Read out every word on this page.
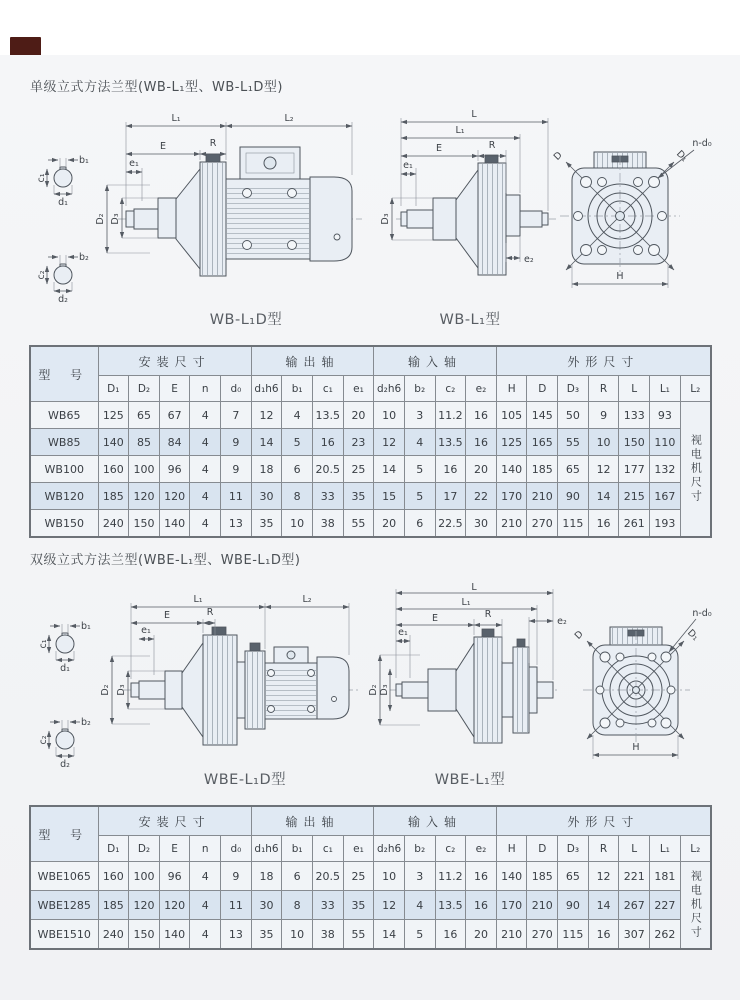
单级立式方法兰型(WB-L₁型、WB-L₁D型)
b₁
c₁
d₁
b₂
c₂
d₂
L₁	L₂
E	R
e₁
D₂ D₃
WB-L₁D型
L
L₁
E	R
e₁
D₃
e₂
WB-L₁型
D	D₁
n-d₀
H
型 号	安装尺寸					输出轴				输入轴				外形尺寸						
	D₁	D₂	E	n	d₀	d₁h6	b₁	c₁	e₁	d₂h6	b₂	c₂	e₂	H	D	D₃	R	L	L₁	L₂
WB65	125	65	67	4	7	12	4	13.5	20	10	3	11.2	16	105	145	50	9	133	93	视电机尺寸
WB85	140	85	84	4	9	14	5	16	23	12	4	13.5	16	125	165	55	10	150	110	
WB100	160	100	96	4	9	18	6	20.5	25	14	5	16	20	140	185	65	12	177	132	
WB120	185	120	120	4	11	30	8	33	35	15	5	17	22	170	210	90	14	215	167	
WB150	240	150	140	4	13	35	10	38	55	20	6	22.5	30	210	270	115	16	261	193	
双级立式方法兰型(WBE-L₁型、WBE-L₁D型)
b₁
c₁
d₁
b₂
c₂
d₂
L₁	L₂
E	R
e₁
D₂ D₃
WBE-L₁D型
L
L₁
E	R
e₁
e₂
D₂ D₃
WBE-L₁型
D	D₁
n-d₀
H
型 号	安装尺寸					输出轴				输入轴				外形尺寸						
	D₁	D₂	E	n	d₀	d₁h6	b₁	c₁	e₁	d₂h6	b₂	c₂	e₂	H	D	D₃	R	L	L₁	L₂
WBE1065	160	100	96	4	9	18	6	20.5	25	10	3	11.2	16	140	185	65	12	221	181	视电机尺寸
WBE1285	185	120	120	4	11	30	8	33	35	12	4	13.5	16	170	210	90	14	267	227	
WBE1510	240	150	140	4	13	35	10	38	55	14	5	16	20	210	270	115	16	307	262	
